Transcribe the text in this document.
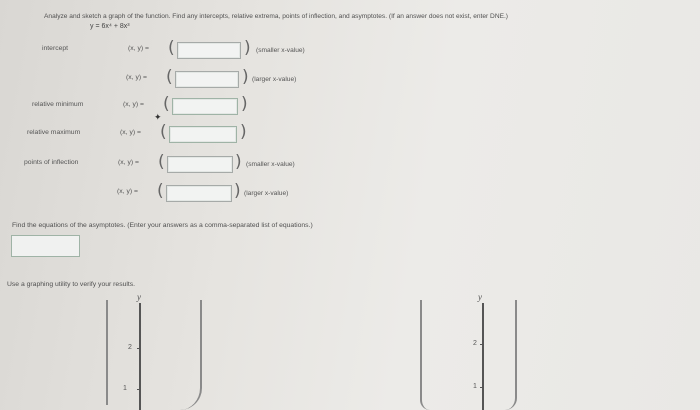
Analyze and sketch a graph of the function. Find any intercepts, relative extrema, points of inflection, and asymptotes. (If an answer does not exist, enter DNE.)
y = 6x⁴ + 8x³
intercept	(x, y) = (	) (smaller x-value)
(x, y) = (	) (larger x-value)
relative minimum	(x, y) = (	)
✦
relative maximum	(x, y) = (	)
points of inflection	(x, y) = (	) (smaller x-value)
(x, y) = (	) (larger x-value)
Find the equations of the asymptotes. (Enter your answers as a comma-separated list of equations.)
Use a graphing utility to verify your results.
y
2
1
y
2
1
